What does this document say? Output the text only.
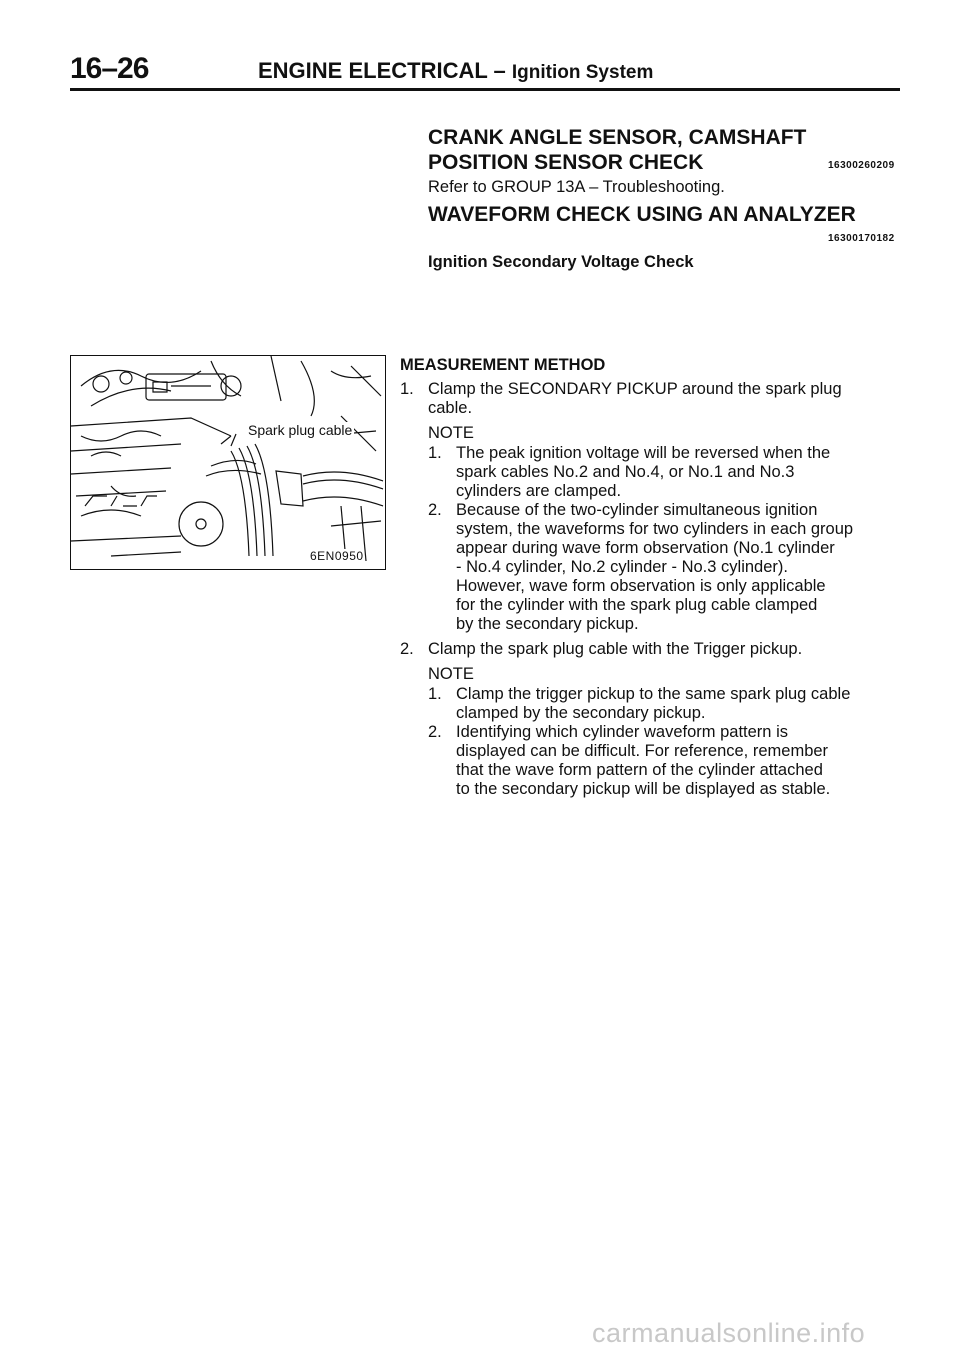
16–26	ENGINE ELECTRICAL – Ignition System
CRANK ANGLE SENSOR, CAMSHAFT
POSITION SENSOR CHECK	16300260209
Refer to GROUP 13A – Troubleshooting.
WAVEFORM CHECK USING AN ANALYZER
16300170182
Ignition Secondary Voltage Check
Spark plug cable
6EN0950
MEASUREMENT METHOD
1. Clamp the SECONDARY PICKUP around the spark plug
cable.
NOTE
1. The peak ignition voltage will be reversed when the
spark cables No.2 and No.4, or No.1 and No.3
cylinders are clamped.
2. Because of the two-cylinder simultaneous ignition
system, the waveforms for two cylinders in each group
appear during wave form observation (No.1 cylinder
- No.4 cylinder, No.2 cylinder - No.3 cylinder).
However, wave form observation is only applicable
for the cylinder with the spark plug cable clamped
by the secondary pickup.
2. Clamp the spark plug cable with the Trigger pickup.
NOTE
1. Clamp the trigger pickup to the same spark plug cable
clamped by the secondary pickup.
2. Identifying which cylinder waveform pattern is
displayed can be difficult. For reference, remember
that the wave form pattern of the cylinder attached
to the secondary pickup will be displayed as stable.
carmanualsonline.info
